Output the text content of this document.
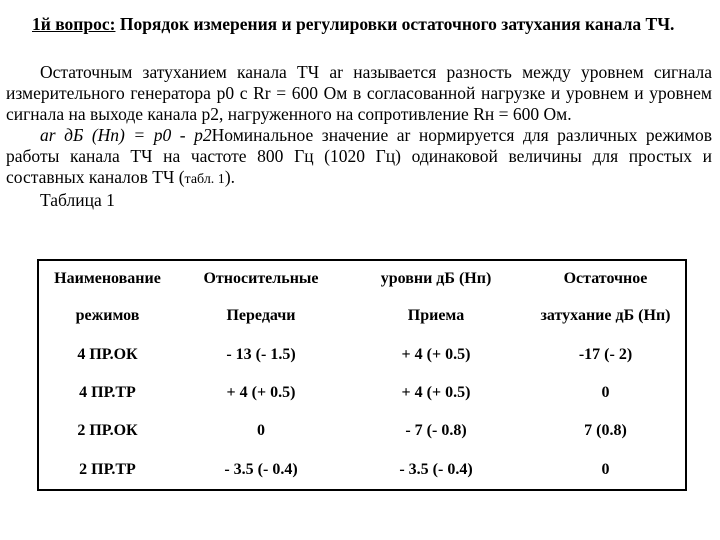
1й вопрос: Порядок измерения и регулировки остаточного затухания канала ТЧ.
Остаточным затуханием канала ТЧ ar называется разность между уровнем сигнала измерительного генератора р0 с Rr = 600 Ом в согласованной нагрузке и уровнем и уровнем сигнала на выходе канала р2, нагруженного на сопротивление Rн = 600 Ом.
ar дБ (Нп) = р0 - р2Номинальное значение ar нормируется для различных режимов работы канала ТЧ на частоте 800 Гц (1020 Гц) одинаковой величины для простых и составных каналов ТЧ (табл. 1).
Таблица 1
Наименование	Относительные	уровни дБ (Нп)	Остаточное
режимов	Передачи	Приема	затухание дБ (Нп)
4 ПР.ОК	- 13 (- 1.5)	+ 4 (+ 0.5)	-17 (- 2)
4 ПР.ТР	+ 4 (+ 0.5)	+ 4 (+ 0.5)	0
2 ПР.ОК	0	- 7 (- 0.8)	7 (0.8)
2 ПР.ТР	- 3.5 (- 0.4)	- 3.5 (- 0.4)	0
